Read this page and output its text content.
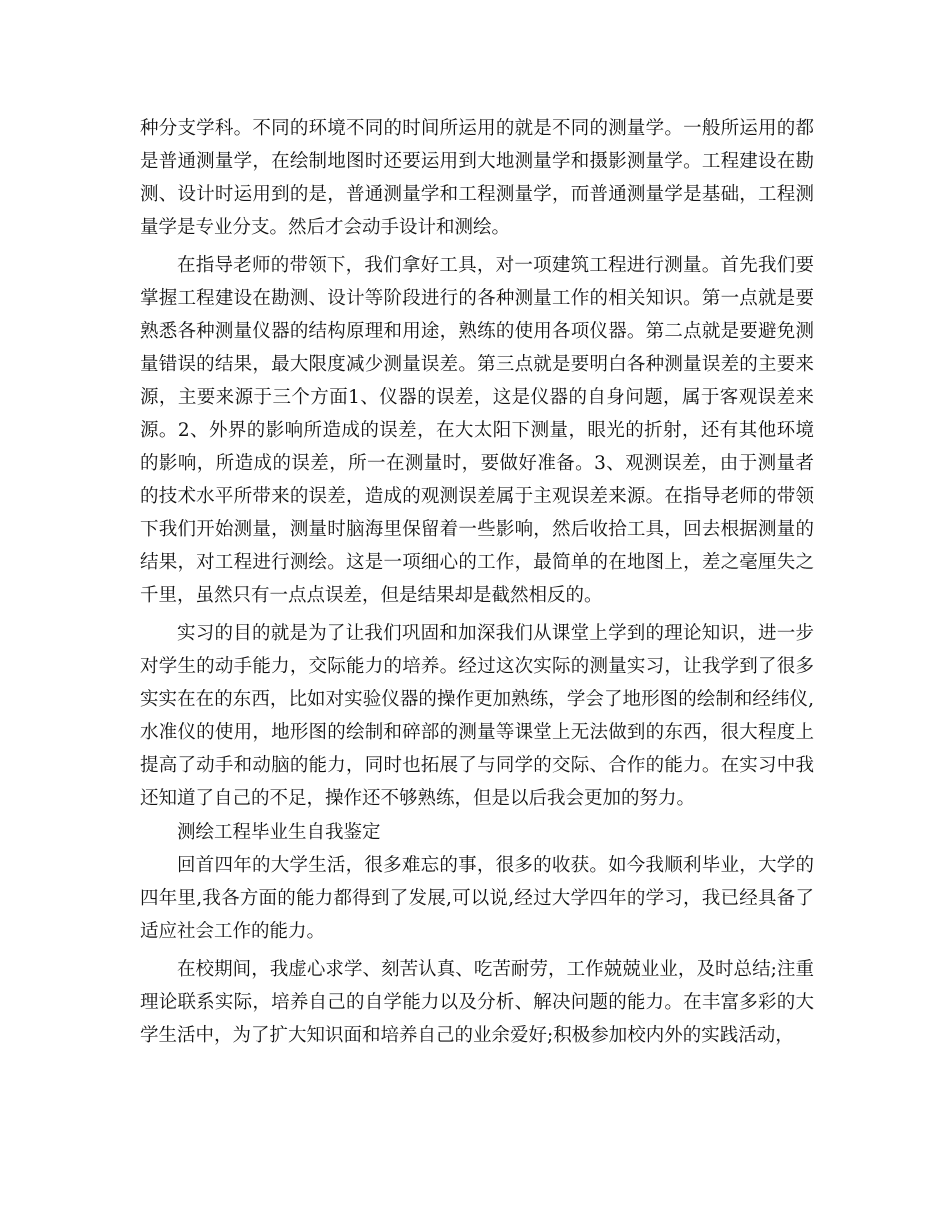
种分支学科。不同的环境不同的时间所运用的就是不同的测量学。一般所运用的都是普通测量学，在绘制地图时还要运用到大地测量学和摄影测量学。工程建设在勘测、设计时运用到的是，普通测量学和工程测量学，而普通测量学是基础，工程测量学是专业分支。然后才会动手设计和测绘。

在指导老师的带领下，我们拿好工具，对一项建筑工程进行测量。首先我们要掌握工程建设在勘测、设计等阶段进行的各种测量工作的相关知识。第一点就是要熟悉各种测量仪器的结构原理和用途，熟练的使用各项仪器。第二点就是要避免测量错误的结果，最大限度减少测量误差。第三点就是要明白各种测量误差的主要来源，主要来源于三个方面1、仪器的误差，这是仪器的自身问题，属于客观误差来源。2、外界的影响所造成的误差，在大太阳下测量，眼光的折射，还有其他环境的影响，所造成的误差，所一在测量时，要做好准备。3、观测误差，由于测量者的技术水平所带来的误差，造成的观测误差属于主观误差来源。在指导老师的带领下我们开始测量，测量时脑海里保留着一些影响，然后收拾工具，回去根据测量的结果，对工程进行测绘。这是一项细心的工作，最简单的在地图上，差之毫厘失之千里，虽然只有一点点误差，但是结果却是截然相反的。

实习的目的就是为了让我们巩固和加深我们从课堂上学到的理论知识，进一步对学生的动手能力，交际能力的培养。经过这次实际的测量实习，让我学到了很多实实在在的东西，比如对实验仪器的操作更加熟练，学会了地形图的绘制和经纬仪,水准仪的使用，地形图的绘制和碎部的测量等课堂上无法做到的东西，很大程度上提高了动手和动脑的能力，同时也拓展了与同学的交际、合作的能力。在实习中我还知道了自己的不足，操作还不够熟练，但是以后我会更加的努力。

测绘工程毕业生自我鉴定

回首四年的大学生活，很多难忘的事，很多的收获。如今我顺利毕业，大学的四年里,我各方面的能力都得到了发展,可以说,经过大学四年的学习，我已经具备了适应社会工作的能力。

在校期间，我虚心求学、刻苦认真、吃苦耐劳，工作兢兢业业，及时总结;注重理论联系实际，培养自己的自学能力以及分析、解决问题的能力。在丰富多彩的大学生活中，为了扩大知识面和培养自己的业余爱好;积极参加校内外的实践活动，
